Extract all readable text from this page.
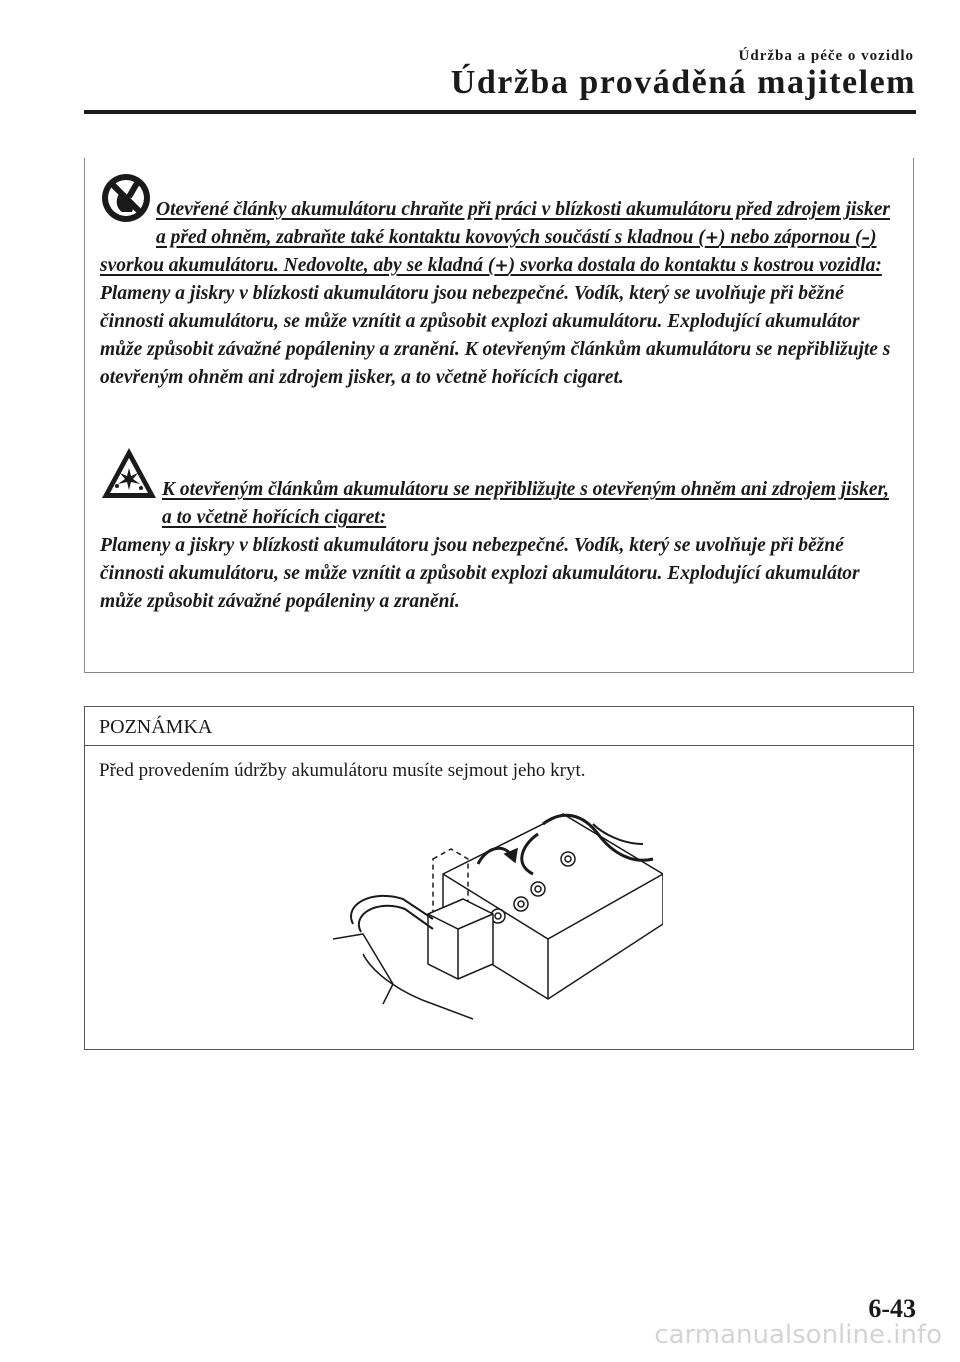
Údržba a péče o vozidlo
Údržba prováděná majitelem
Otevřené články akumulátoru chraňte při práci v blízkosti akumulátoru před zdrojem jisker a před ohněm, zabraňte také kontaktu kovových součástí s kladnou (+) nebo zápornou (–) svorkou akumulátoru. Nedovolte, aby se kladná (+) svorka dostala do kontaktu s kostrou vozidla:
Plameny a jiskry v blízkosti akumulátoru jsou nebezpečné. Vodík, který se uvolňuje při běžné činnosti akumulátoru, se může vznítit a způsobit explozi akumulátoru. Explodující akumulátor může způsobit závažné popáleniny a zranění. K otevřeným článkům akumulátoru se nepřibližujte s otevřeným ohněm ani zdrojem jisker, a to včetně hořících cigaret.
K otevřeným článkům akumulátoru se nepřibližujte s otevřeným ohněm ani zdrojem jisker, a to včetně hořících cigaret:
Plameny a jiskry v blízkosti akumulátoru jsou nebezpečné. Vodík, který se uvolňuje při běžné činnosti akumulátoru, se může vznítit a způsobit explozi akumulátoru. Explodující akumulátor může způsobit závažné popáleniny a zranění.
POZNÁMKA
Před provedením údržby akumulátoru musíte sejmout jeho kryt.
6-43
carmanualsonline.info
